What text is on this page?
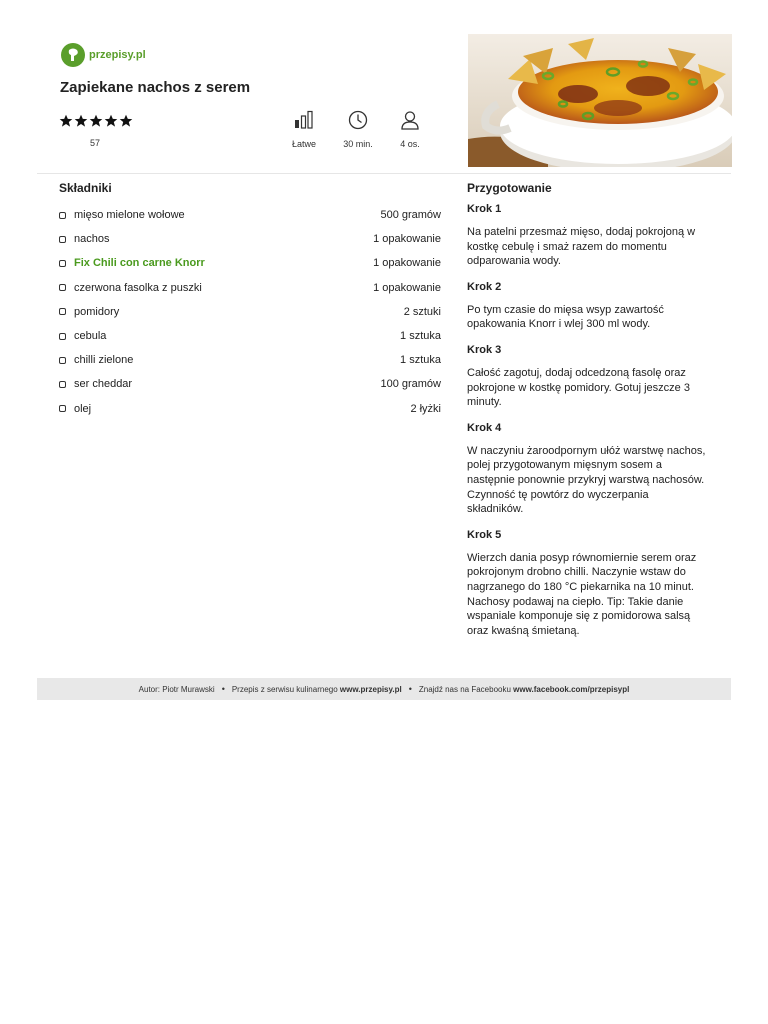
przepisy.pl
Zapiekane nachos z serem
57	Łatwe	30 min.	4 os.
Składniki	Przygotowanie
mięso mielone wołowe	500 gramów
nachos	1 opakowanie
Fix Chili con carne Knorr	1 opakowanie
czerwona fasolka z puszki	1 opakowanie
pomidory	2 sztuki
cebula	1 sztuka
chilli zielone	1 sztuka
ser cheddar	100 gramów
olej	2 łyżki
Krok 1

Na patelni przesmaż mięso, dodaj pokrojoną w kostkę cebulę i smaż razem do momentu odparowania wody.

Krok 2

Po tym czasie do mięsa wsyp zawartość opakowania Knorr i wlej 300 ml wody.

Krok 3

Całość zagotuj, dodaj odcedzoną fasolę oraz pokrojone w kostkę pomidory. Gotuj jeszcze 3 minuty.

Krok 4

W naczyniu żaroodpornym ułóż warstwę nachos, polej przygotowanym mięsnym sosem a następnie ponownie przykryj warstwą nachosów. Czynność tę powtórz do wyczerpania składników.

Krok 5

Wierzch dania posyp równomiernie serem oraz pokrojonym drobno chilli. Naczynie wstaw do nagrzanego do 180 °C piekarnika na 10 minut. Nachosy podawaj na ciepło. Tip: Takie danie wspaniale komponuje się z pomidorowa salsą oraz kwaśną śmietaną.

Autor: Piotr Murawski • Przepis z serwisu kulinarnego
www.przepisy.pl • Znajdź nas na Facebooku
www.facebook.com/przepisypl
